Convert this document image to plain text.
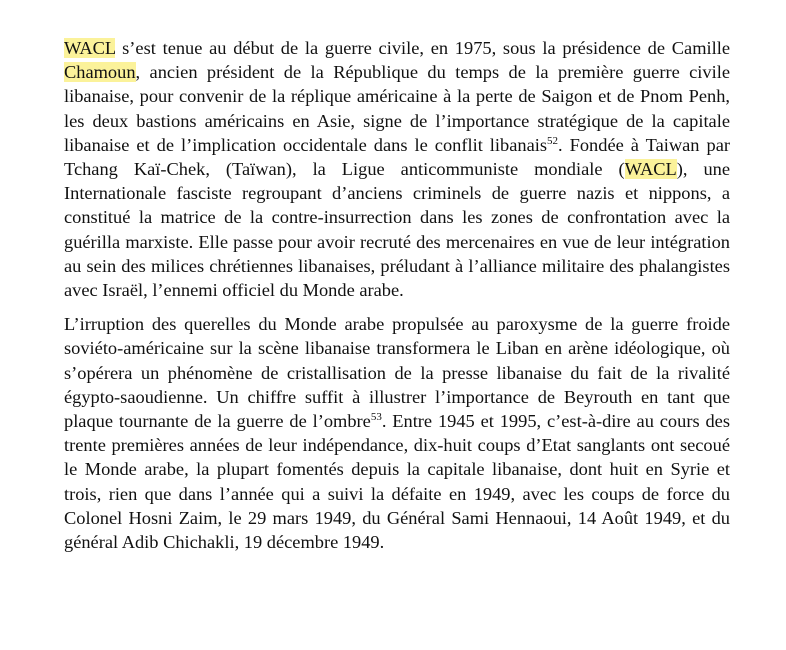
WACL s’est tenue au début de la guerre civile, en 1975, sous la présidence de Camille Chamoun, ancien président de la République du temps de la première guerre civile libanaise, pour convenir de la réplique américaine à la perte de Saigon et de Pnom Penh, les deux bastions américains en Asie, signe de l’importance stratégique de la capitale libanaise et de l’implication occidentale dans le conflit libanais$^{52}$. Fondée à Taiwan par Tchang Kaï-Chek, (Taïwan), la Ligue anticommuniste mondiale (WACL), une Internationale fasciste regroupant d’anciens criminels de guerre nazis et nippons, a constitué la matrice de la contre-insurrection dans les zones de confrontation avec la guérilla marxiste. Elle passe pour avoir recruté des mercenaires en vue de leur intégration au sein des milices chrétiennes libanaises, préludant à l’alliance militaire des phalangistes avec Israël, l’ennemi officiel du Monde arabe.

L’irruption des querelles du Monde arabe propulsée au paroxysme de la guerre froide soviéto-américaine sur la scène libanaise transformera le Liban en arène idéologique, où s’opérera un phénomène de cristallisation de la presse libanaise du fait de la rivalité égypto-saoudienne. Un chiffre suffit à illustrer l’importance de Beyrouth en tant que plaque tournante de la guerre de l’ombre$^{53}$. Entre 1945 et 1995, c’est-à-dire au cours des trente premières années de leur indépendance, dix-huit coups d’Etat sanglants ont secoué le Monde arabe, la plupart fomentés depuis la capitale libanaise, dont huit en Syrie et trois, rien que dans l’année qui a suivi la défaite en 1949, avec les coups de force du Colonel Hosni Zaim, le 29 mars 1949, du Général Sami Hennaoui, 14 Août 1949, et du général Adib Chichakli, 19 décembre 1949.
